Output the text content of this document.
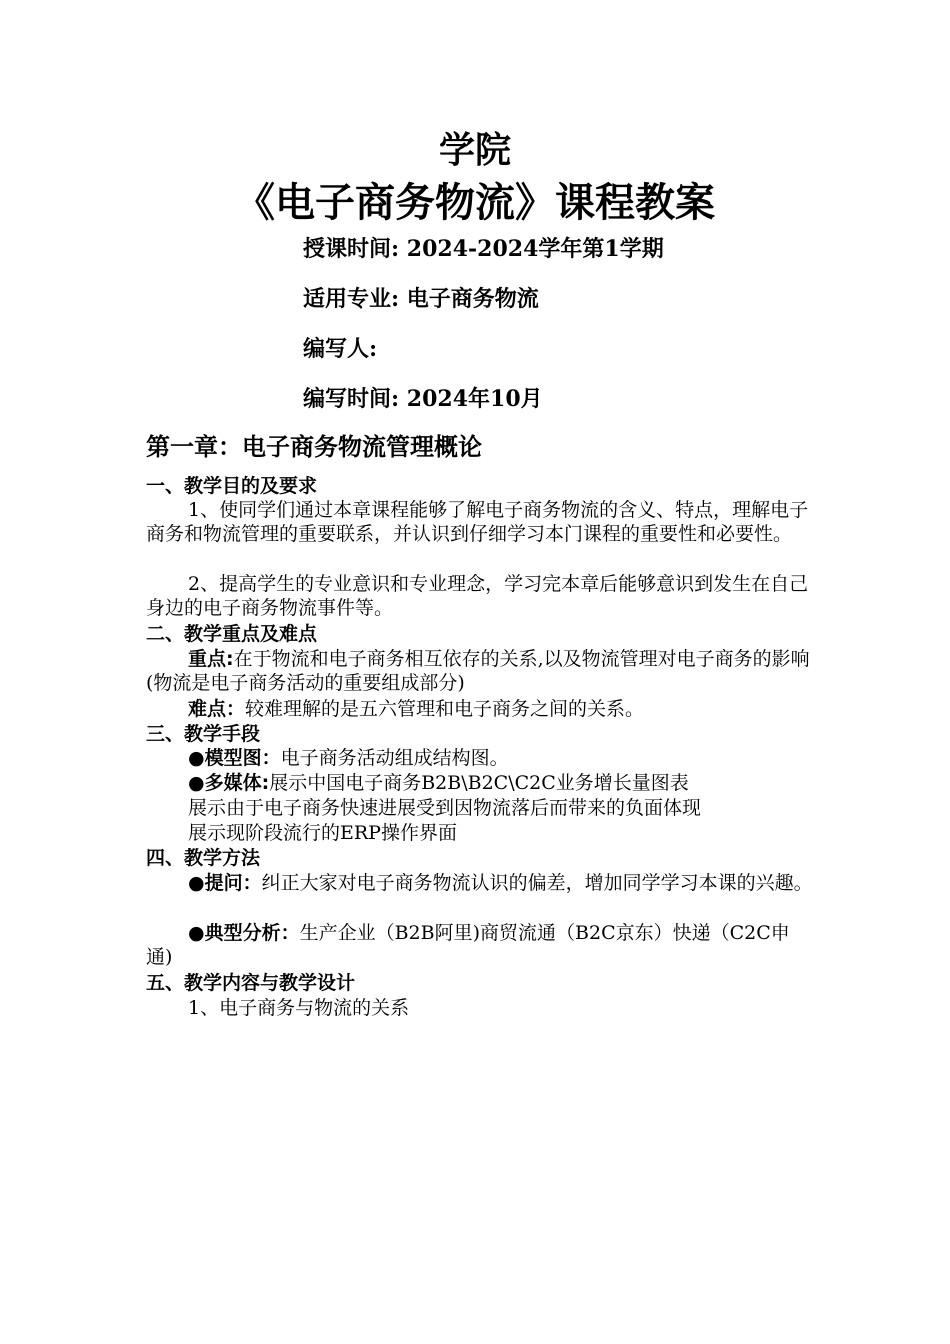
学院
《电子商务物流》课程教案
授课时间: 2024-2024学年第1学期
适用专业: 电子商务物流
编写人:
编写时间: 2024年10月
第一章：电子商务物流管理概论
一、教学目的及要求
1、使同学们通过本章课程能够了解电子商务物流的含义、特点，理解电子商务和物流管理的重要联系，并认识到仔细学习本门课程的重要性和必要性。
2、提高学生的专业意识和专业理念，学习完本章后能够意识到发生在自己身边的电子商务物流事件等。
二、教学重点及难点
重点:在于物流和电子商务相互依存的关系,以及物流管理对电子商务的影响(物流是电子商务活动的重要组成部分)
难点：较难理解的是五六管理和电子商务之间的关系。
三、教学手段
●模型图：电子商务活动组成结构图。
●多媒体:展示中国电子商务B2B\B2C\C2C业务增长量图表
展示由于电子商务快速进展受到因物流落后而带来的负面体现
展示现阶段流行的ERP操作界面
四、教学方法
●提问：纠正大家对电子商务物流认识的偏差，增加同学学习本课的兴趣。
●典型分析：生产企业（B2B阿里)商贸流通（B2C京东）快递（C2C申通)
五、教学内容与教学设计
1、电子商务与物流的关系
